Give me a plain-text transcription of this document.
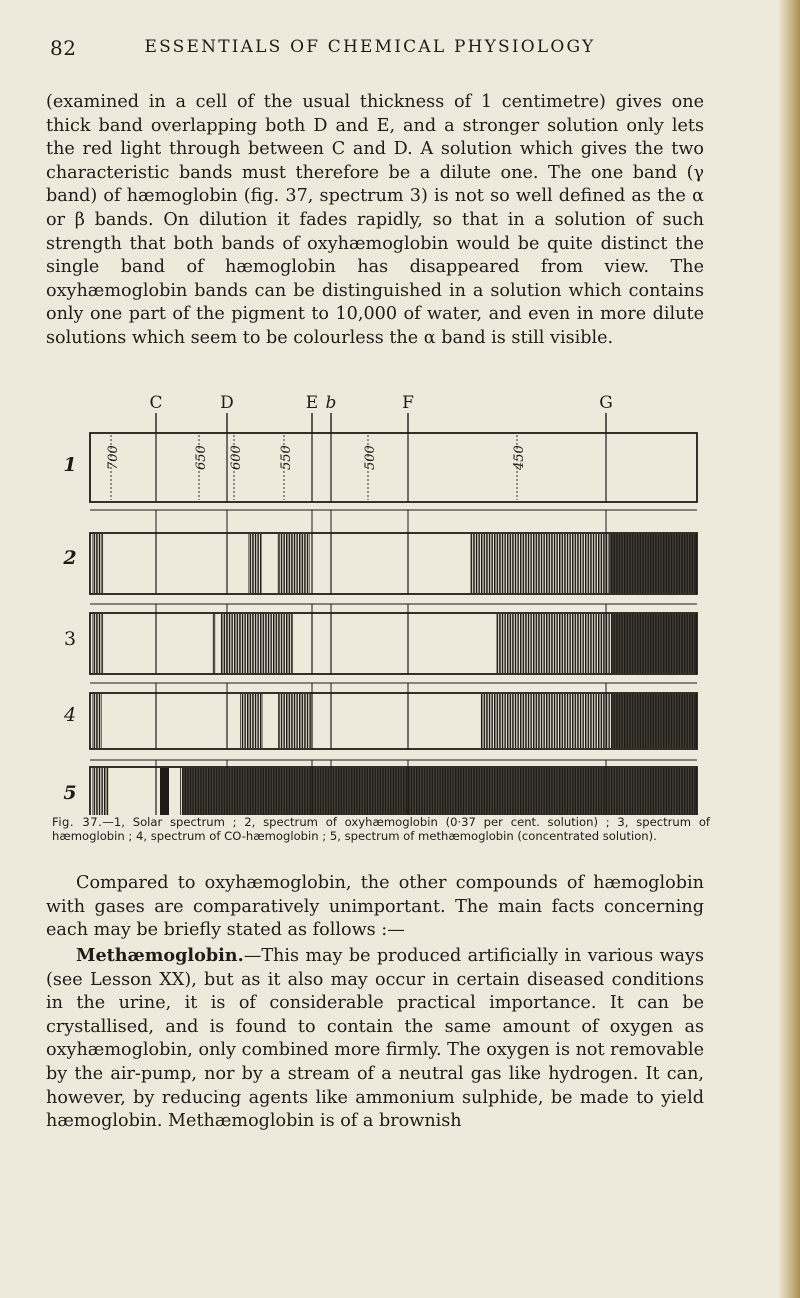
82	ESSENTIALS OF CHEMICAL PHYSIOLOGY

(examined in a cell of the usual thickness of 1 centimetre) gives one thick band overlapping both D and E, and a stronger solution only lets the red light through between C and D. A solution which gives the two characteristic bands must therefore be a dilute one. The one band (γ band) of hæmoglobin (fig. 37, spectrum 3) is not so well defined as the α or β bands. On dilution it fades rapidly, so that in a solution of such strength that both bands of oxyhæmoglobin would be quite distinct the single band of hæmoglobin has disappeared from view. The oxyhæmoglobin bands can be distinguished in a solution which contains only one part of the pigment to 10,000 of water, and even in more dilute solutions which seem to be colourless the α band is still visible.

C	D	E b	F	G
1
2
3
4
5
700	650 600	550	500	450

Fig. 37.—1, Solar spectrum ; 2, spectrum of oxyhæmoglobin (0·37 per cent. solution) ; 3, spectrum of hæmoglobin ; 4, spectrum of CO-hæmoglobin ; 5, spectrum of methæmoglobin (concentrated solution).

Compared to oxyhæmoglobin, the other compounds of hæmoglobin with gases are comparatively unimportant. The main facts concerning each may be briefly stated as follows :—

Methæmoglobin.—This may be produced artificially in various ways (see Lesson XX), but as it also may occur in certain diseased conditions in the urine, it is of considerable practical importance. It can be crystallised, and is found to contain the same amount of oxygen as oxyhæmoglobin, only combined more firmly. The oxygen is not removable by the air-pump, nor by a stream of a neutral gas like hydrogen. It can, however, by reducing agents like ammonium sulphide, be made to yield hæmoglobin. Methæmoglobin is of a brownish
